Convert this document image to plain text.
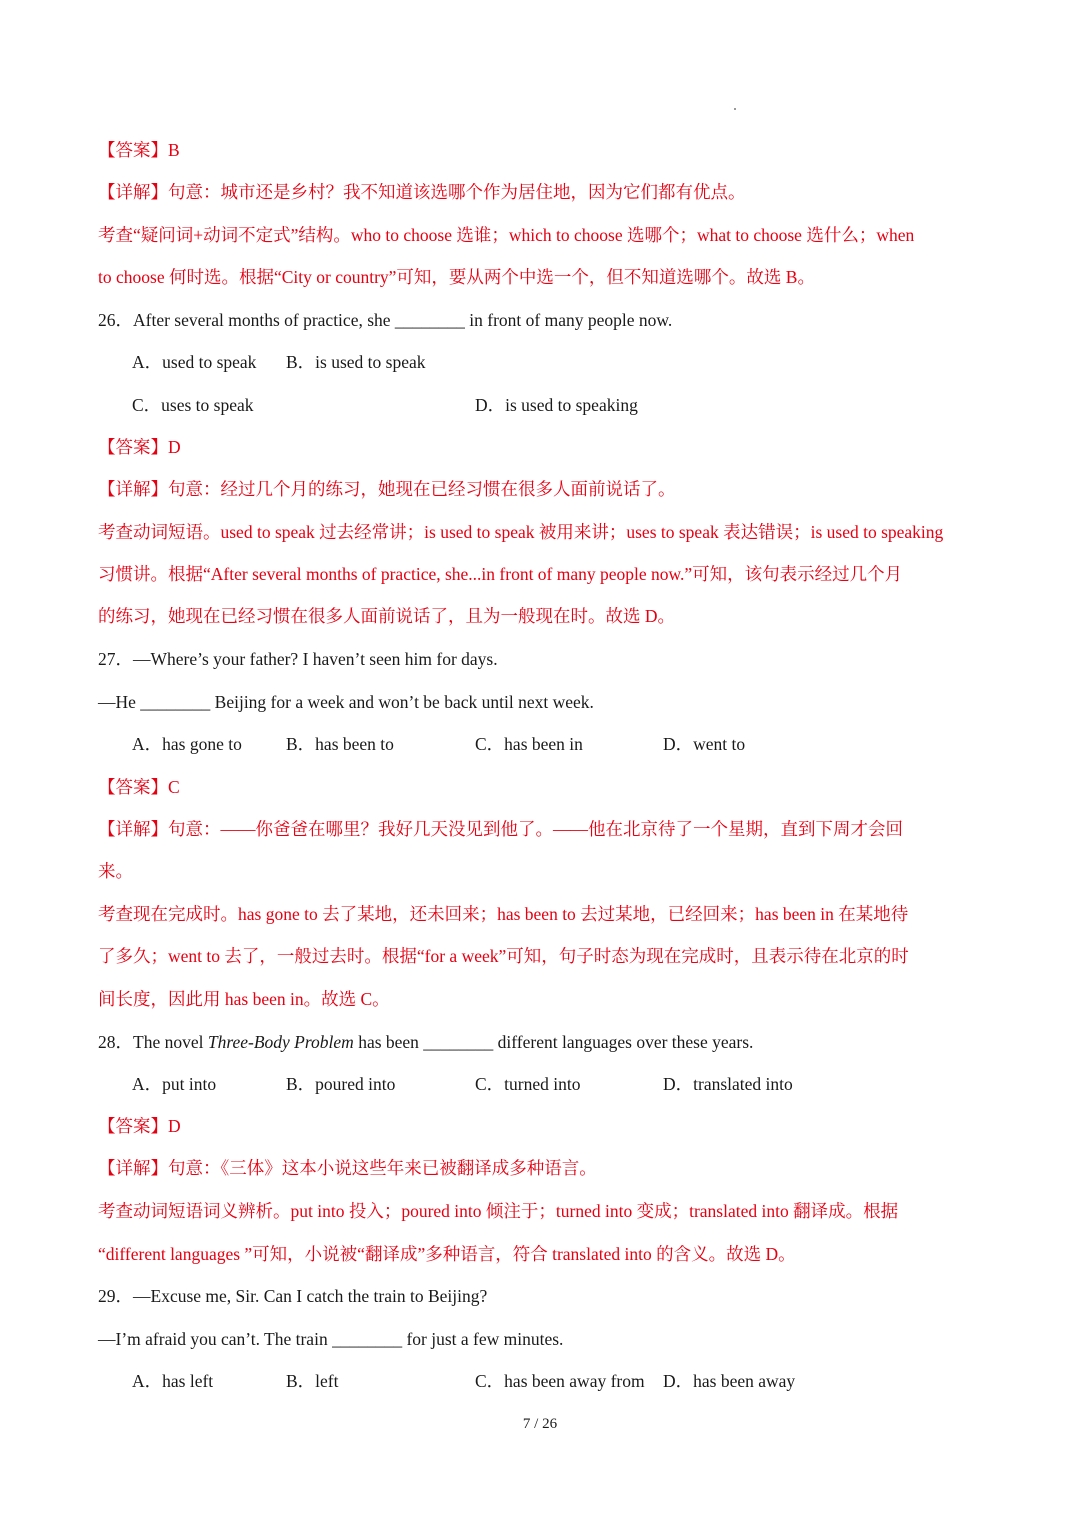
【答案】B
【详解】句意：城市还是乡村？我不知道该选哪个作为居住地，因为它们都有优点。
考查“疑问词+动词不定式”结构。who to choose 选谁；which to choose 选哪个；what to choose 选什么；when
to choose 何时选。根据“City or country”可知，要从两个中选一个，但不知道选哪个。故选 B。
26．After several months of practice, she ________ in front of many people now.
A．used to speak B．is used to speak
C．uses to speak	D．is used to speaking
【答案】D
【详解】句意：经过几个月的练习，她现在已经习惯在很多人面前说话了。
考查动词短语。used to speak 过去经常讲；is used to speak 被用来讲；uses to speak 表达错误；is used to speaking
习惯讲。根据“After several months of practice, she...in front of many people now.”可知，该句表示经过几个月
的练习，她现在已经习惯在很多人面前说话了，且为一般现在时。故选 D。
27．—Where’s your father? I haven’t seen him for days.
—He ________ Beijing for a week and won’t be back until next week.
A．has gone to	B．has been to	C．has been in	D．went to
【答案】C
【详解】句意：——你爸爸在哪里？我好几天没见到他了。——他在北京待了一个星期，直到下周才会回
来。
考查现在完成时。has gone to 去了某地，还未回来；has been to 去过某地，已经回来；has been in 在某地待
了多久；went to 去了，一般过去时。根据“for a week”可知，句子时态为现在完成时，且表示待在北京的时
间长度，因此用 has been in。故选 C。
28．The novel Three-Body Problem has been ________ different languages over these years.
A．put into	B．poured into	C．turned into	D．translated into
【答案】D
【详解】句意：《三体》这本小说这些年来已被翻译成多种语言。
考查动词短语词义辨析。put into 投入；poured into 倾注于；turned into 变成；translated into 翻译成。根据
“different languages ”可知，小说被“翻译成”多种语言，符合 translated into 的含义。故选 D。
29．—Excuse me, Sir. Can I catch the train to Beijing?
—I’m afraid you can’t. The train ________ for just a few minutes.
A．has left	B．left	C．has been away from D．has been away
7 / 26
